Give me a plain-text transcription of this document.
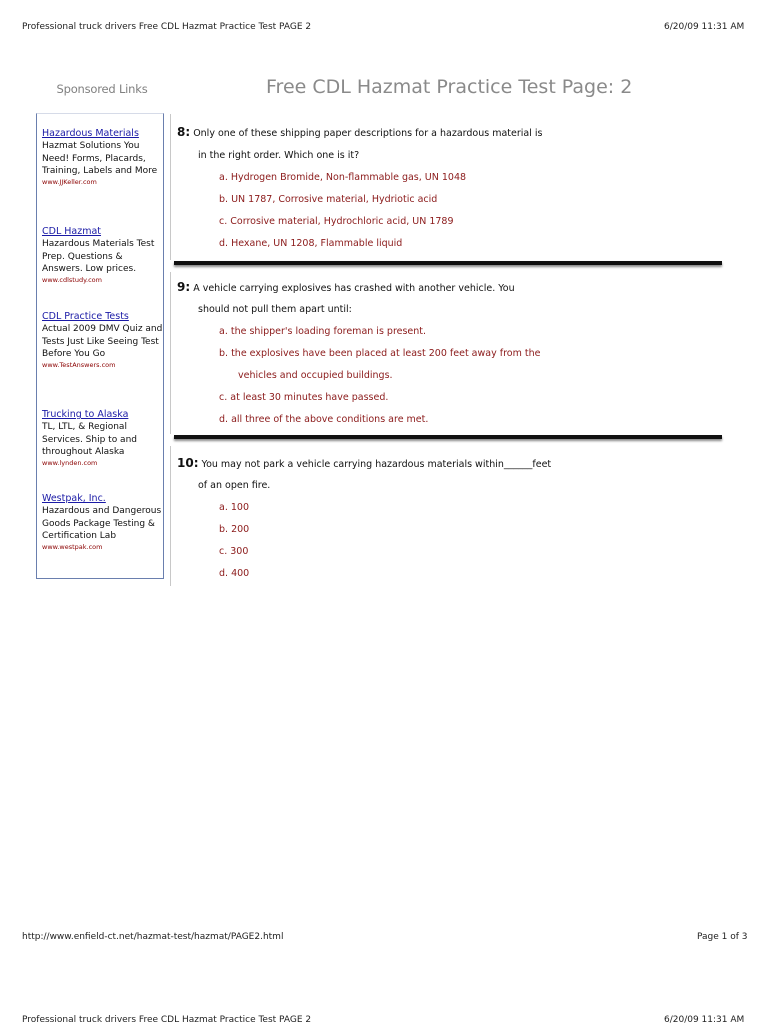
Professional truck drivers Free CDL Hazmat Practice Test PAGE 2	6/20/09 11:31 AM
Sponsored Links
Hazardous Materials
Hazmat Solutions You Need! Forms, Placards, Training, Labels and More
www.JJKeller.com
CDL Hazmat
Hazardous Materials Test Prep. Questions & Answers. Low prices.
www.cdlstudy.com
CDL Practice Tests
Actual 2009 DMV Quiz and Tests Just Like Seeing Test Before You Go
www.TestAnswers.com
Trucking to Alaska
TL, LTL, & Regional Services. Ship to and throughout Alaska
www.lynden.com
Westpak, Inc.
Hazardous and Dangerous Goods Package Testing & Certification Lab
www.westpak.com
Free CDL Hazmat Practice Test Page: 2
8: Only one of these shipping paper descriptions for a hazardous material is
in the right order. Which one is it?
a. Hydrogen Bromide, Non-flammable gas, UN 1048
b. UN 1787, Corrosive material, Hydriotic acid
c. Corrosive material, Hydrochloric acid, UN 1789
d. Hexane, UN 1208, Flammable liquid
9: A vehicle carrying explosives has crashed with another vehicle. You
should not pull them apart until:
a. the shipper's loading foreman is present.
b. the explosives have been placed at least 200 feet away from the
vehicles and occupied buildings.
c. at least 30 minutes have passed.
d. all three of the above conditions are met.
10: You may not park a vehicle carrying hazardous materials within______feet
of an open fire.
a. 100
b. 200
c. 300
d. 400
http://www.enfield-ct.net/hazmat-test/hazmat/PAGE2.html	Page 1 of 3
Professional truck drivers Free CDL Hazmat Practice Test PAGE 2	6/20/09 11:31 AM
